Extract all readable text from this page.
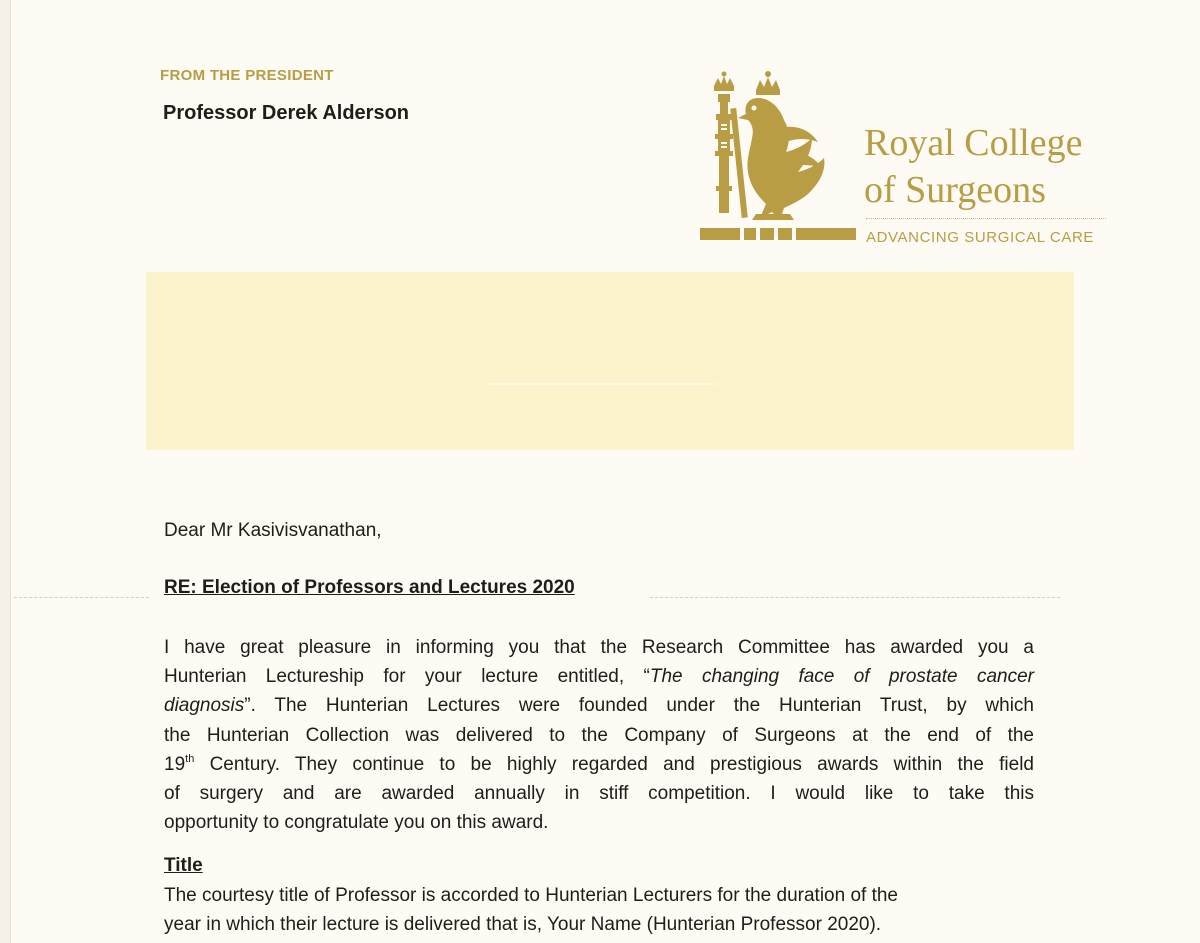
FROM THE PRESIDENT
Professor Derek Alderson
Royal College
of Surgeons
ADVANCING SURGICAL CARE
Dear Mr Kasivisvanathan,
RE: Election of Professors and Lectures 2020
I have great pleasure in informing you that the Research Committee has awarded you a
Hunterian Lectureship for your lecture entitled, “The changing face of prostate cancer
diagnosis”. The Hunterian Lectures were founded under the Hunterian Trust, by which
the Hunterian Collection was delivered to the Company of Surgeons at the end of the
19th Century. They continue to be highly regarded and prestigious awards within the field
of surgery and are awarded annually in stiff competition. I would like to take this
opportunity to congratulate you on this award.
Title
The courtesy title of Professor is accorded to Hunterian Lecturers for the duration of the
year in which their lecture is delivered that is, Your Name (Hunterian Professor 2020).
